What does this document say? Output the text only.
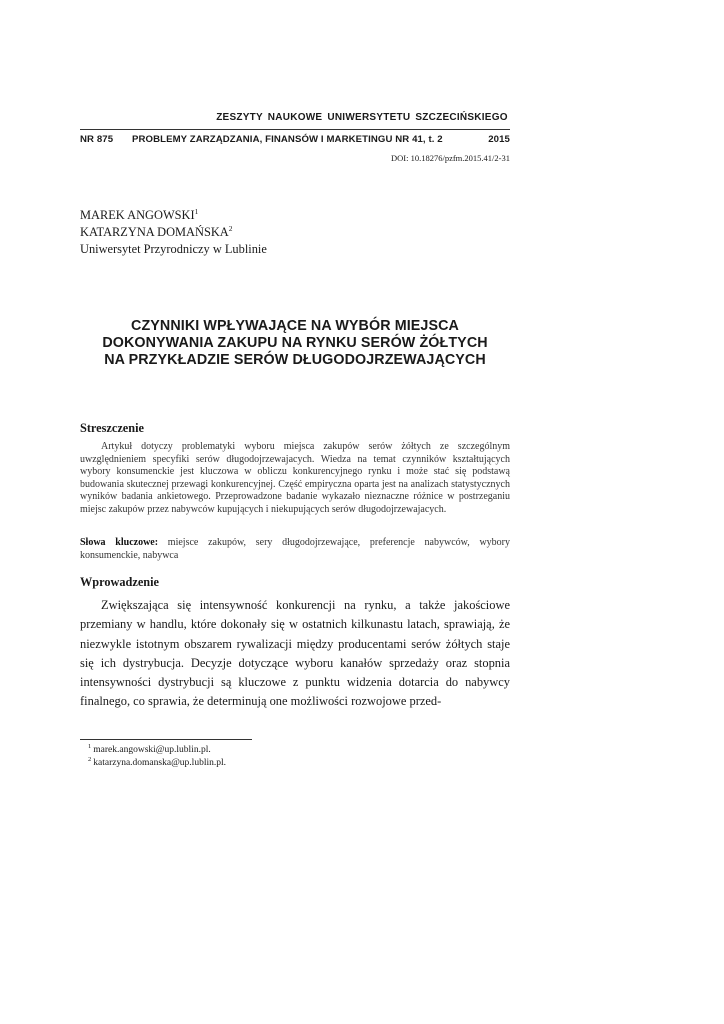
ZESZYTY NAUKOWE UNIWERSYTETU SZCZECIŃSKIEGO
NR 875 PROBLEMY ZARZĄDZANIA, FINANSÓW I MARKETINGU NR 41, t. 2	2015
DOI: 10.18276/pzfm.2015.41/2-31
MAREK ANGOWSKI$^1$
KATARZYNA DOMAŃSKA$^2$
Uniwersytet Przyrodniczy w Lublinie
CZYNNIKI WPŁYWAJĄCE NA WYBÓR MIEJSCA
DOKONYWANIA ZAKUPU NA RYNKU SERÓW ŻÓŁTYCH
NA PRZYKŁADZIE SERÓW DŁUGODOJRZEWAJĄCYCH
Streszczenie

Artykuł dotyczy problematyki wyboru miejsca zakupów serów żółtych ze szczególnym uwzględnieniem specyfiki serów długodojrzewajacych. Wiedza na temat czynników kształtujących wybory konsumenckie jest kluczowa w obliczu konkurencyjnego rynku i może stać się podstawą budowania skutecznej przewagi konkurencyjnej. Część empiryczna oparta jest na analizach statystycznych wyników badania ankietowego. Przeprowadzone badanie wykazało nieznaczne różnice w postrzeganiu miejsc zakupów przez nabywców kupujących i niekupujących serów długodojrzewajacych.

Słowa kluczowe: miejsce zakupów, sery długodojrzewające, preferencje nabywców, wybory konsumenckie, nabywca
Wprowadzenie

Zwiększająca się intensywność konkurencji na rynku, a także jakościowe przemiany w handlu, które dokonały się w ostatnich kilkunastu latach, sprawiają, że niezwykle istotnym obszarem rywalizacji między producentami serów żółtych staje się ich dystrybucja. Decyzje dotyczące wyboru kanałów sprzedaży oraz stopnia intensywności dystrybucji są kluczowe z punktu widzenia dotarcia do nabywcy finalnego, co sprawia, że determinują one możliwości rozwojowe przed-

$^1$ marek.angowski@up.lublin.pl.
$^2$ katarzyna.domanska@up.lublin.pl.
